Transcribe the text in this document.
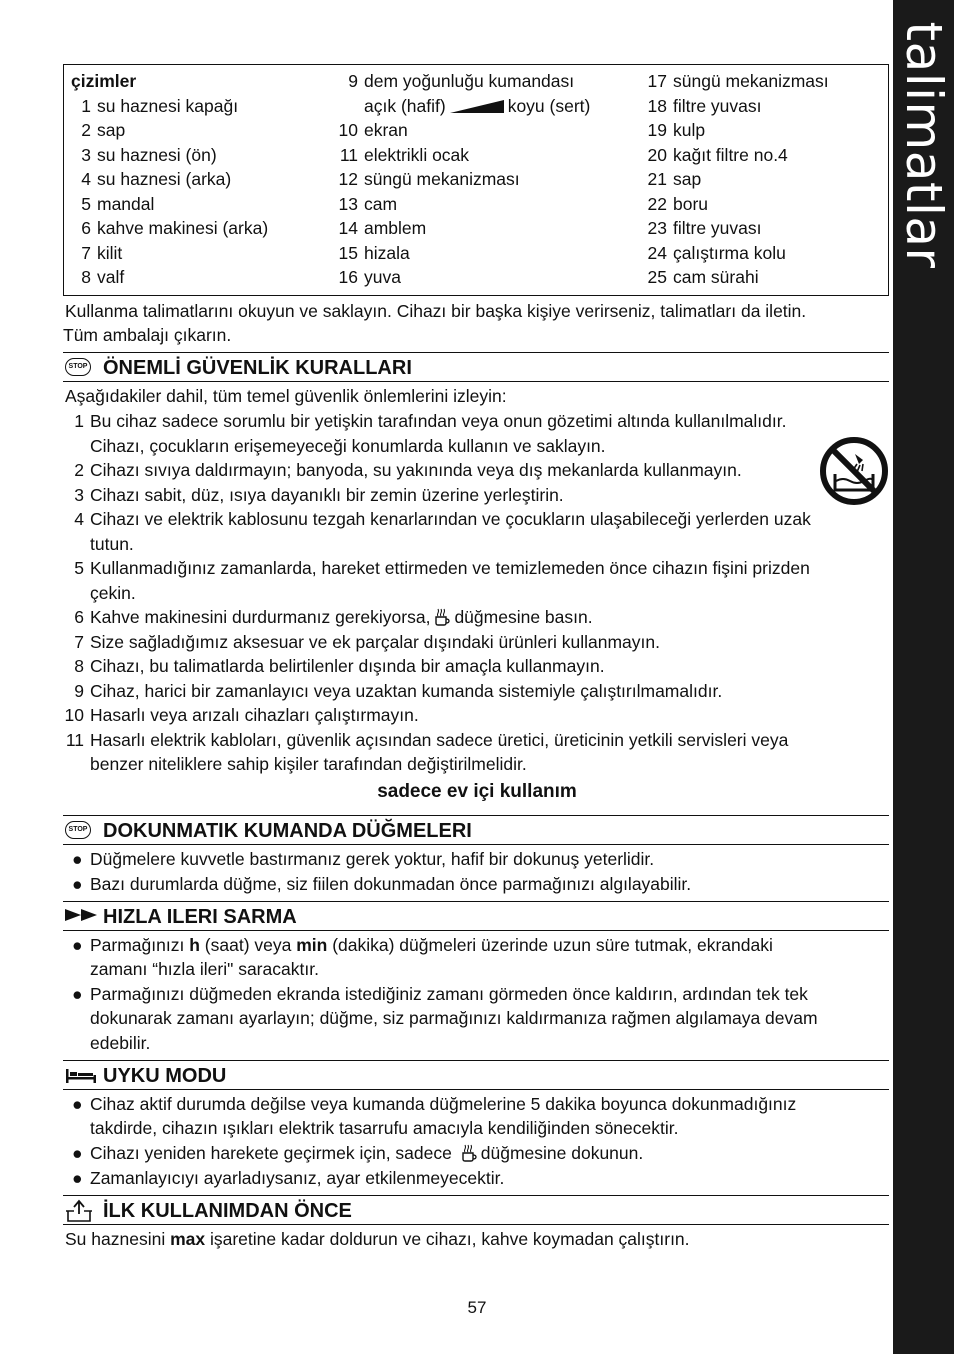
talimatlar
çizimler
1 su haznesi kapağı
2 sap
3 su haznesi (ön)
4 su haznesi (arka)
5 mandal
6 kahve makinesi (arka)
7 kilit
8 valf
9 dem yoğunluğu kumandası
açık (hafif)	koyu (sert)
10 ekran
11 elektrikli ocak
12 süngü mekanizması
13 cam
14 amblem
15 hizala
16 yuva
17 süngü mekanizması
18 filtre yuvası
19 kulp
20 kağıt filtre no.4
21 sap
22 boru
23 filtre yuvası
24 çalıştırma kolu
25 cam sürahi
Kullanma talimatlarını okuyun ve saklayın. Cihazı bir başka kişiye verirseniz, talimatları da iletin.
Tüm ambalajı çıkarın.
STOP ÖNEMLİ GÜVENLİK KURALLARI
Aşağıdakiler dahil, tüm temel güvenlik önlemlerini izleyin:
1 Bu cihaz sadece sorumlu bir yetişkin tarafından veya onun gözetimi altında kullanılmalıdır.
Cihazı, çocukların erişemeyeceği konumlarda kullanın ve saklayın.
2 Cihazı sıvıya daldırmayın; banyoda, su yakınında veya dış mekanlarda kullanmayın.
3 Cihazı sabit, düz, ısıya dayanıklı bir zemin üzerine yerleştirin.
4 Cihazı ve elektrik kablosunu tezgah kenarlarından ve çocukların ulaşabileceği yerlerden uzak
tutun.
5 Kullanmadığınız zamanlarda, hareket ettirmeden ve temizlemeden önce cihazın fişini prizden
çekin.
6 Kahve makinesini durdurmanız gerekiyorsa, düğmesine basın.
7 Size sağladığımız aksesuar ve ek parçalar dışındaki ürünleri kullanmayın.
8 Cihazı, bu talimatlarda belirtilenler dışında bir amaçla kullanmayın.
9 Cihaz, harici bir zamanlayıcı veya uzaktan kumanda sistemiyle çalıştırılmamalıdır.
10 Hasarlı veya arızalı cihazları çalıştırmayın.
11 Hasarlı elektrik kabloları, güvenlik açısından sadece üretici, üreticinin yetkili servisleri veya
benzer niteliklere sahip kişiler tarafından değiştirilmelidir.
sadece ev içi kullanım
STOP DOKUNMATIK KUMANDA DÜĞMELERI
● Düğmelere kuvvetle bastırmanız gerek yoktur, hafif bir dokunuş yeterlidir.
● Bazı durumlarda düğme, siz fiilen dokunmadan önce parmağınızı algılayabilir.
HIZLA ILERI SARMA
● Parmağınızı h (saat) veya min (dakika) düğmeleri üzerinde uzun süre tutmak, ekrandaki
zamanı “hızla ileri" saracaktır.
● Parmağınızı düğmeden ekranda istediğiniz zamanı görmeden önce kaldırın, ardından tek tek
dokunarak zamanı ayarlayın; düğme, siz parmağınızı kaldırmanıza rağmen algılamaya devam
edebilir.
UYKU MODU
● Cihaz aktif durumda değilse veya kumanda düğmelerine 5 dakika boyunca dokunmadığınız
takdirde, cihazın ışıkları elektrik tasarrufu amacıyla kendiliğinden sönecektir.
● Cihazı yeniden harekete geçirmek için, sadece düğmesine dokunun.
● Zamanlayıcıyı ayarladıysanız, ayar etkilenmeyecektir.
İLK KULLANIMDAN ÖNCE
Su haznesini max işaretine kadar doldurun ve cihazı, kahve koymadan çalıştırın.
57
